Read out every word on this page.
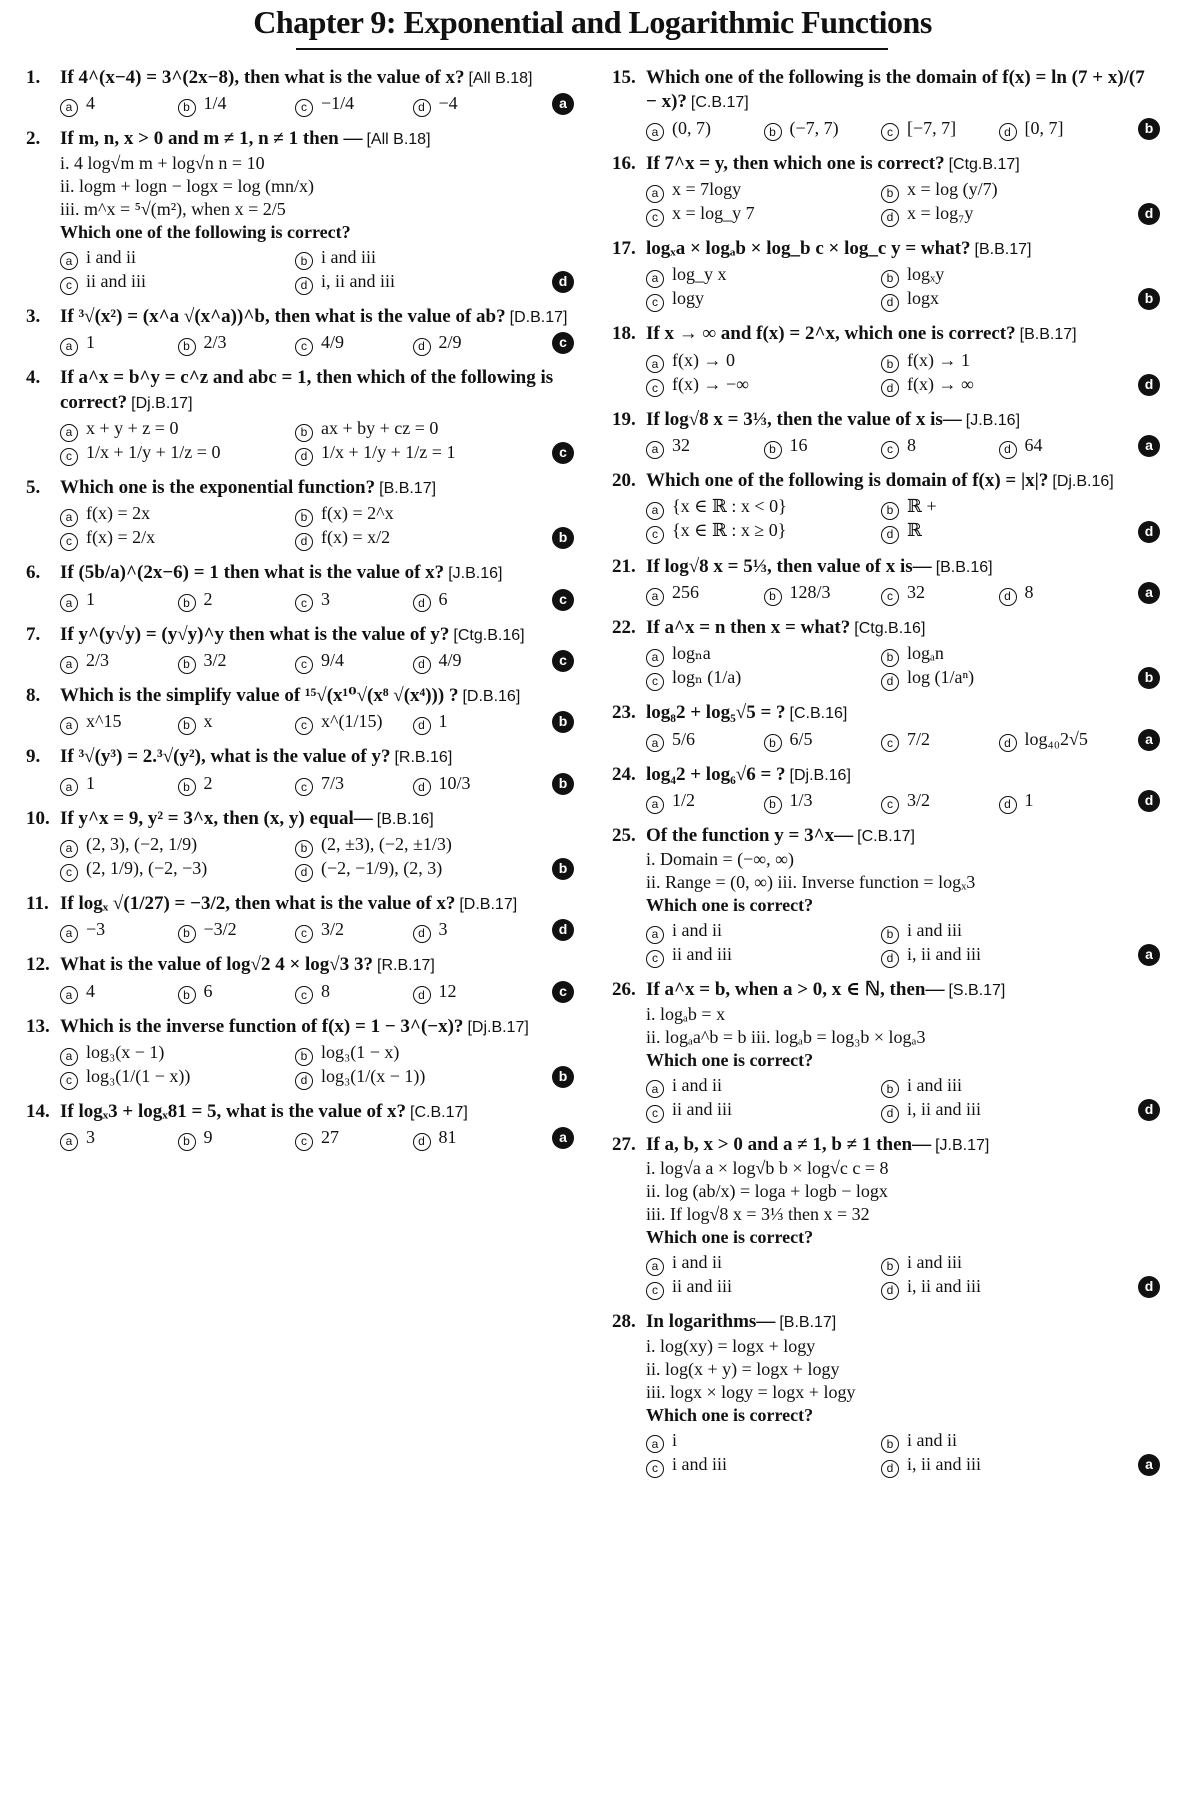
Chapter 9: Exponential and Logarithmic Functions
1.	If 4^(x−4) = 3^(2x−8), then what is the value of x? [All B.18]
a 4	b 1/4	c −1/4	d −4	a
2.	If m, n, x > 0 and m ≠ 1, n ≠ 1 then — [All B.18]
i. 4 log√m m + log√n n = 10
ii. logm + logn − logx = log (mn/x)
iii. m^x = ⁵√(m²), when x = 2/5
Which one of the following is correct?
a i and ii	b i and iii
c ii and iii	d i, ii and iii	d
3.	If ³√(x²) = (x^a √(x^a))^b, then what is the value of ab? [D.B.17]
a 1	b 2/3	c 4/9	d 2/9	c
4.	If a^x = b^y = c^z and abc = 1, then which of the following is correct? [Dj.B.17]
a x + y + z = 0	b ax + by + cz = 0
c 1/x + 1/y + 1/z = 0	d 1/x + 1/y + 1/z = 1	c
5.	Which one is the exponential function? [B.B.17]
a f(x) = 2x	b f(x) = 2^x
c f(x) = 2/x	d f(x) = x/2	b
6.	If (5b/a)^(2x−6) = 1 then what is the value of x? [J.B.16]
a 1	b 2	c 3	d 6	c
7.	If y^(y√y) = (y√y)^y then what is the value of y? [Ctg.B.16]
a 2/3	b 3/2	c 9/4	d 4/9	c
8.	Which is the simplify value of ¹⁵√(x¹⁰√(x⁸ √(x⁴))) ? [D.B.16]
a x^15	b x	c x^(1/15)	d 1	b
9.	If ³√(y³) = 2.³√(y²), what is the value of y? [R.B.16]
a 1	b 2	c 7/3	d 10/3	b
10. If y^x = 9, y² = 3^x, then (x, y) equal— [B.B.16]
a (2, 3), (−2, 1/9)	b (2, ±3), (−2, ±1/3)
c (2, 1/9), (−2, −3)	d (−2, −1/9), (2, 3)	b
11. If logₓ √(1/27) = −3/2, then what is the value of x? [D.B.17]
a −3	b −3/2	c 3/2	d 3	d
12. What is the value of log√2 4 × log√3 3? [R.B.17]
a 4	b 6	c 8	d 12	c
13. Which is the inverse function of f(x) = 1 − 3^(−x)? [Dj.B.17]
a log₃(x − 1)	b log₃(1 − x)
c log₃(1/(1 − x))	d log₃(1/(x − 1))	b
14. If logₓ3 + logₓ81 = 5, what is the value of x? [C.B.17]
a 3	b 9	c 27	d 81	a
15. Which one of the following is the domain of f(x) = ln (7 + x)/(7 − x)? [C.B.17]
a (0, 7)	b (−7, 7)	c [−7, 7]	d [0, 7]	b
16. If 7^x = y, then which one is correct? [Ctg.B.17]
a x = 7logy	b x = log (y/7)
c x = log_y 7	d x = log₇y	d
17. logₓa × logₐb × log_b c × log_c y = what? [B.B.17]
a log_y x	b logₓy
c logy	d logx	b
18. If x → ∞ and f(x) = 2^x, which one is correct? [B.B.17]
a f(x) → 0	b f(x) → 1
c f(x) → −∞	d f(x) → ∞	d
19. If log√8 x = 3⅓, then the value of x is— [J.B.16]
a 32	b 16	c 8	d 64	a
20. Which one of the following is domain of f(x) = |x|? [Dj.B.16]
a {x ∈ ℝ : x < 0}	b ℝ +
c {x ∈ ℝ : x ≥ 0}	d ℝ	d
21. If log√8 x = 5⅓, then value of x is— [B.B.16]
a 256	b 128/3	c 32	d 8	a
22. If a^x = n then x = what? [Ctg.B.16]
a logₙa	b logₐn
c logₙ (1/a)	d log (1/aⁿ)	b
23. log₈2 + log₅√5 = ? [C.B.16]
a 5/6	b 6/5	c 7/2	d log₄₀2√5	a
24. log₄2 + log₆√6 = ? [Dj.B.16]
a 1/2	b 1/3	c 3/2	d 1	d
25. Of the function y = 3^x— [C.B.17]
i. Domain = (−∞, ∞)
ii. Range = (0, ∞) iii. Inverse function = logₓ3
Which one is correct?
a i and ii	b i and iii
c ii and iii	d i, ii and iii	a
26. If a^x = b, when a > 0, x ∈ ℕ, then— [S.B.17]
i. logₐb = x
ii. logₐa^b = b iii. logₐb = log₃b × logₐ3
Which one is correct?
a i and ii	b i and iii
c ii and iii	d i, ii and iii	d
27. If a, b, x > 0 and a ≠ 1, b ≠ 1 then— [J.B.17]
i. log√a a × log√b b × log√c c = 8
ii. log (ab/x) = loga + logb − logx
iii. If log√8 x = 3⅓ then x = 32
Which one is correct?
a i and ii	b i and iii
c ii and iii	d i, ii and iii	d
28. In logarithms— [B.B.17]
i. log(xy) = logx + logy
ii. log(x + y) = logx + logy
iii. logx × logy = logx + logy
Which one is correct?
a i	b i and ii
c i and iii	d i, ii and iii	a
